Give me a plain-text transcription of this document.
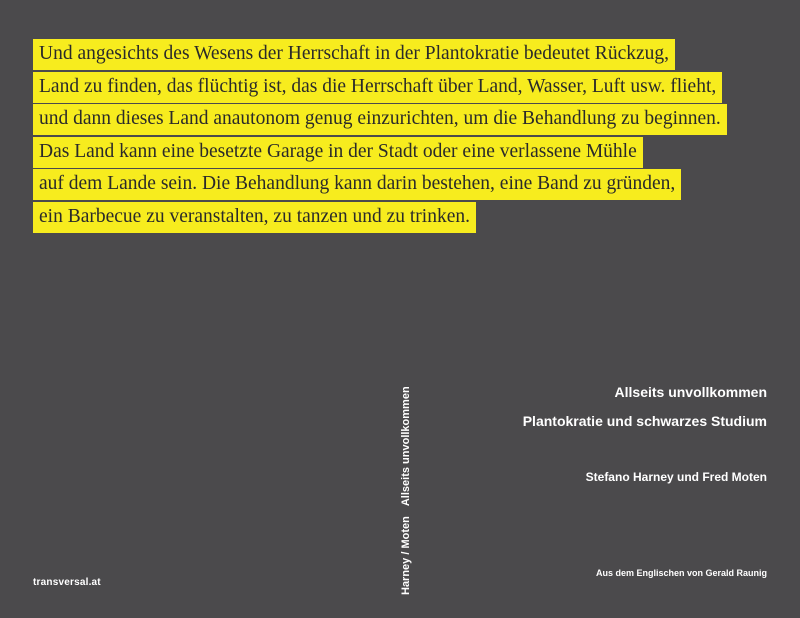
Und angesichts des Wesens der Herrschaft in der Plantokratie bedeutet Rückzug,
Land zu finden, das flüchtig ist, das die Herrschaft über Land, Wasser, Luft usw. flieht,
und dann dieses Land anautonom genug einzurichten, um die Behandlung zu beginnen.
Das Land kann eine besetzte Garage in der Stadt oder eine verlassene Mühle
auf dem Lande sein. Die Behandlung kann darin bestehen, eine Band zu gründen,
ein Barbecue zu veranstalten, zu tanzen und zu trinken.
Harney / MotenAllseits unvollkommen	Allseits unvollkommen
Plantokratie und schwarzes Studium
Stefano Harney und Fred Moten
Aus dem Englischen von Gerald Raunig
transversal.at
